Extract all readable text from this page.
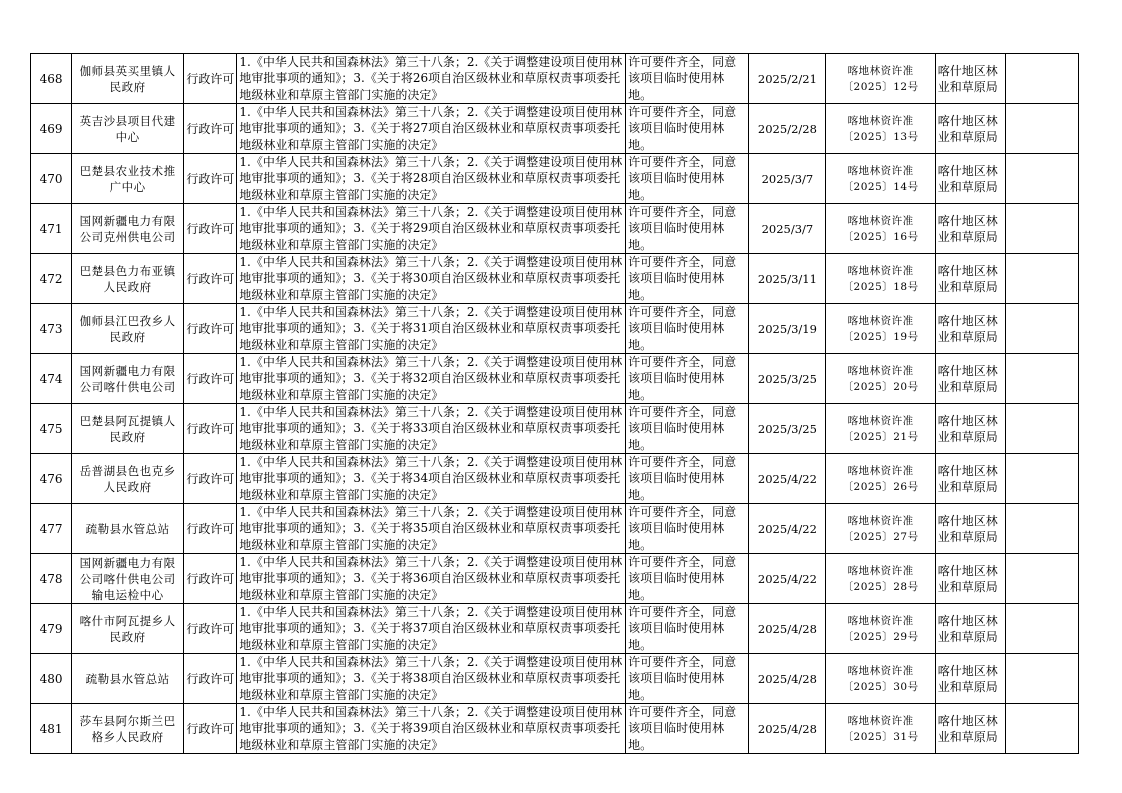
468	伽师县英买里镇人民政府	行政许可	1.《中华人民共和国森林法》第三十八条；2.《关于调整建设项目使用林地审批事项的通知》；3.《关于将26项自治区级林业和草原权责事项委托地级林业和草原主管部门实施的决定》	许可要件齐全，同意该项目临时使用林地。	2025/2/21	喀地林资许准〔2025〕12号	喀什地区林业和草原局	
469	英吉沙县项目代建中心	行政许可	1.《中华人民共和国森林法》第三十八条；2.《关于调整建设项目使用林地审批事项的通知》；3.《关于将27项自治区级林业和草原权责事项委托地级林业和草原主管部门实施的决定》	许可要件齐全，同意该项目临时使用林地。	2025/2/28	喀地林资许准〔2025〕13号	喀什地区林业和草原局	
470	巴楚县农业技术推广中心	行政许可	1.《中华人民共和国森林法》第三十八条；2.《关于调整建设项目使用林地审批事项的通知》；3.《关于将28项自治区级林业和草原权责事项委托地级林业和草原主管部门实施的决定》	许可要件齐全，同意该项目临时使用林地。	2025/3/7	喀地林资许准〔2025〕14号	喀什地区林业和草原局	
471	国网新疆电力有限公司克州供电公司	行政许可	1.《中华人民共和国森林法》第三十八条；2.《关于调整建设项目使用林地审批事项的通知》；3.《关于将29项自治区级林业和草原权责事项委托地级林业和草原主管部门实施的决定》	许可要件齐全，同意该项目临时使用林地。	2025/3/7	喀地林资许准〔2025〕16号	喀什地区林业和草原局	
472	巴楚县色力布亚镇人民政府	行政许可	1.《中华人民共和国森林法》第三十八条；2.《关于调整建设项目使用林地审批事项的通知》；3.《关于将30项自治区级林业和草原权责事项委托地级林业和草原主管部门实施的决定》	许可要件齐全，同意该项目临时使用林地。	2025/3/11	喀地林资许准〔2025〕18号	喀什地区林业和草原局	
473	伽师县江巴孜乡人民政府	行政许可	1.《中华人民共和国森林法》第三十八条；2.《关于调整建设项目使用林地审批事项的通知》；3.《关于将31项自治区级林业和草原权责事项委托地级林业和草原主管部门实施的决定》	许可要件齐全，同意该项目临时使用林地。	2025/3/19	喀地林资许准〔2025〕19号	喀什地区林业和草原局	
474	国网新疆电力有限公司喀什供电公司	行政许可	1.《中华人民共和国森林法》第三十八条；2.《关于调整建设项目使用林地审批事项的通知》；3.《关于将32项自治区级林业和草原权责事项委托地级林业和草原主管部门实施的决定》	许可要件齐全，同意该项目临时使用林地。	2025/3/25	喀地林资许准〔2025〕20号	喀什地区林业和草原局	
475	巴楚县阿瓦提镇人民政府	行政许可	1.《中华人民共和国森林法》第三十八条；2.《关于调整建设项目使用林地审批事项的通知》；3.《关于将33项自治区级林业和草原权责事项委托地级林业和草原主管部门实施的决定》	许可要件齐全，同意该项目临时使用林地。	2025/3/25	喀地林资许准〔2025〕21号	喀什地区林业和草原局	
476	岳普湖县色也克乡人民政府	行政许可	1.《中华人民共和国森林法》第三十八条；2.《关于调整建设项目使用林地审批事项的通知》；3.《关于将34项自治区级林业和草原权责事项委托地级林业和草原主管部门实施的决定》	许可要件齐全，同意该项目临时使用林地。	2025/4/22	喀地林资许准〔2025〕26号	喀什地区林业和草原局	
477	疏勒县水管总站	行政许可	1.《中华人民共和国森林法》第三十八条；2.《关于调整建设项目使用林地审批事项的通知》；3.《关于将35项自治区级林业和草原权责事项委托地级林业和草原主管部门实施的决定》	许可要件齐全，同意该项目临时使用林地。	2025/4/22	喀地林资许准〔2025〕27号	喀什地区林业和草原局	
478	国网新疆电力有限公司喀什供电公司输电运检中心	行政许可	1.《中华人民共和国森林法》第三十八条；2.《关于调整建设项目使用林地审批事项的通知》；3.《关于将36项自治区级林业和草原权责事项委托地级林业和草原主管部门实施的决定》	许可要件齐全，同意该项目临时使用林地。	2025/4/22	喀地林资许准〔2025〕28号	喀什地区林业和草原局	
479	喀什市阿瓦提乡人民政府	行政许可	1.《中华人民共和国森林法》第三十八条；2.《关于调整建设项目使用林地审批事项的通知》；3.《关于将37项自治区级林业和草原权责事项委托地级林业和草原主管部门实施的决定》	许可要件齐全，同意该项目临时使用林地。	2025/4/28	喀地林资许准〔2025〕29号	喀什地区林业和草原局	
480	疏勒县水管总站	行政许可	1.《中华人民共和国森林法》第三十八条；2.《关于调整建设项目使用林地审批事项的通知》；3.《关于将38项自治区级林业和草原权责事项委托地级林业和草原主管部门实施的决定》	许可要件齐全，同意该项目临时使用林地。	2025/4/28	喀地林资许准〔2025〕30号	喀什地区林业和草原局	
481	莎车县阿尔斯兰巴格乡人民政府	行政许可	1.《中华人民共和国森林法》第三十八条；2.《关于调整建设项目使用林地审批事项的通知》；3.《关于将39项自治区级林业和草原权责事项委托地级林业和草原主管部门实施的决定》	许可要件齐全，同意该项目临时使用林地。	2025/4/28	喀地林资许准〔2025〕31号	喀什地区林业和草原局	
